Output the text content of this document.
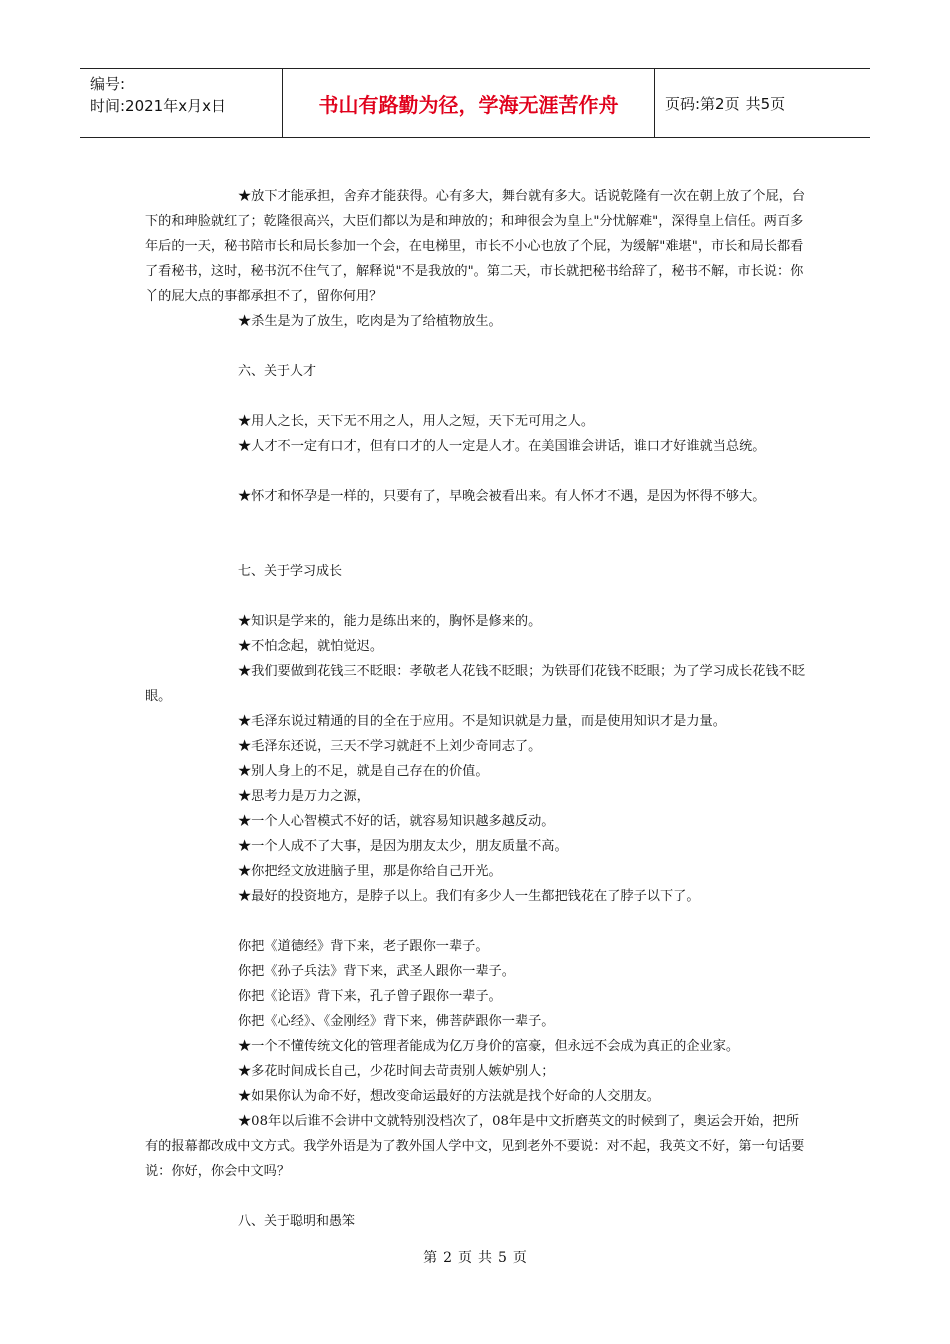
编号:
时间:2021年x月x日	书山有路勤为径，学海无涯苦作舟	页码:第2页 共5页

★放下才能承担，舍弃才能获得。心有多大，舞台就有多大。话说乾隆有一次在朝上放了个屁，台下的和珅脸就红了；乾隆很高兴，大臣们都以为是和珅放的；和珅很会为皇上"分忧解难"，深得皇上信任。两百多年后的一天，秘书陪市长和局长参加一个会，在电梯里，市长不小心也放了个屁，为缓解"难堪"，市长和局长都看了看秘书，这时，秘书沉不住气了，解释说"不是我放的"。第二天，市长就把秘书给辞了，秘书不解，市长说：你丫的屁大点的事都承担不了，留你何用？

★杀生是为了放生，吃肉是为了给植物放生。

六、关于人才

★用人之长，天下无不用之人，用人之短，天下无可用之人。

★人才不一定有口才，但有口才的人一定是人才。在美国谁会讲话，谁口才好谁就当总统。

★怀才和怀孕是一样的，只要有了，早晚会被看出来。有人怀才不遇，是因为怀得不够大。

七、关于学习成长

★知识是学来的，能力是练出来的，胸怀是修来的。

★不怕念起，就怕觉迟。

★我们要做到花钱三不眨眼：孝敬老人花钱不眨眼；为铁哥们花钱不眨眼；为了学习成长花钱不眨眼。

★毛泽东说过精通的目的全在于应用。不是知识就是力量，而是使用知识才是力量。

★毛泽东还说，三天不学习就赶不上刘少奇同志了。

★别人身上的不足，就是自己存在的价值。

★思考力是万力之源，

★一个人心智模式不好的话，就容易知识越多越反动。

★一个人成不了大事，是因为朋友太少，朋友质量不高。

★你把经文放进脑子里，那是你给自己开光。

★最好的投资地方，是脖子以上。我们有多少人一生都把钱花在了脖子以下了。

你把《道德经》背下来，老子跟你一辈子。

你把《孙子兵法》背下来，武圣人跟你一辈子。

你把《论语》背下来，孔子曾子跟你一辈子。

你把《心经》、《金刚经》背下来，佛菩萨跟你一辈子。

★一个不懂传统文化的管理者能成为亿万身价的富豪，但永远不会成为真正的企业家。

★多花时间成长自己，少花时间去苛责别人嫉妒别人；

★如果你认为命不好，想改变命运最好的方法就是找个好命的人交朋友。

★08年以后谁不会讲中文就特别没档次了，08年是中文折磨英文的时候到了，奥运会开始，把所有的报幕都改成中文方式。我学外语是为了教外国人学中文，见到老外不要说：对不起，我英文不好，第一句话要说：你好，你会中文吗？

八、关于聪明和愚笨

第 2 页 共 5 页
